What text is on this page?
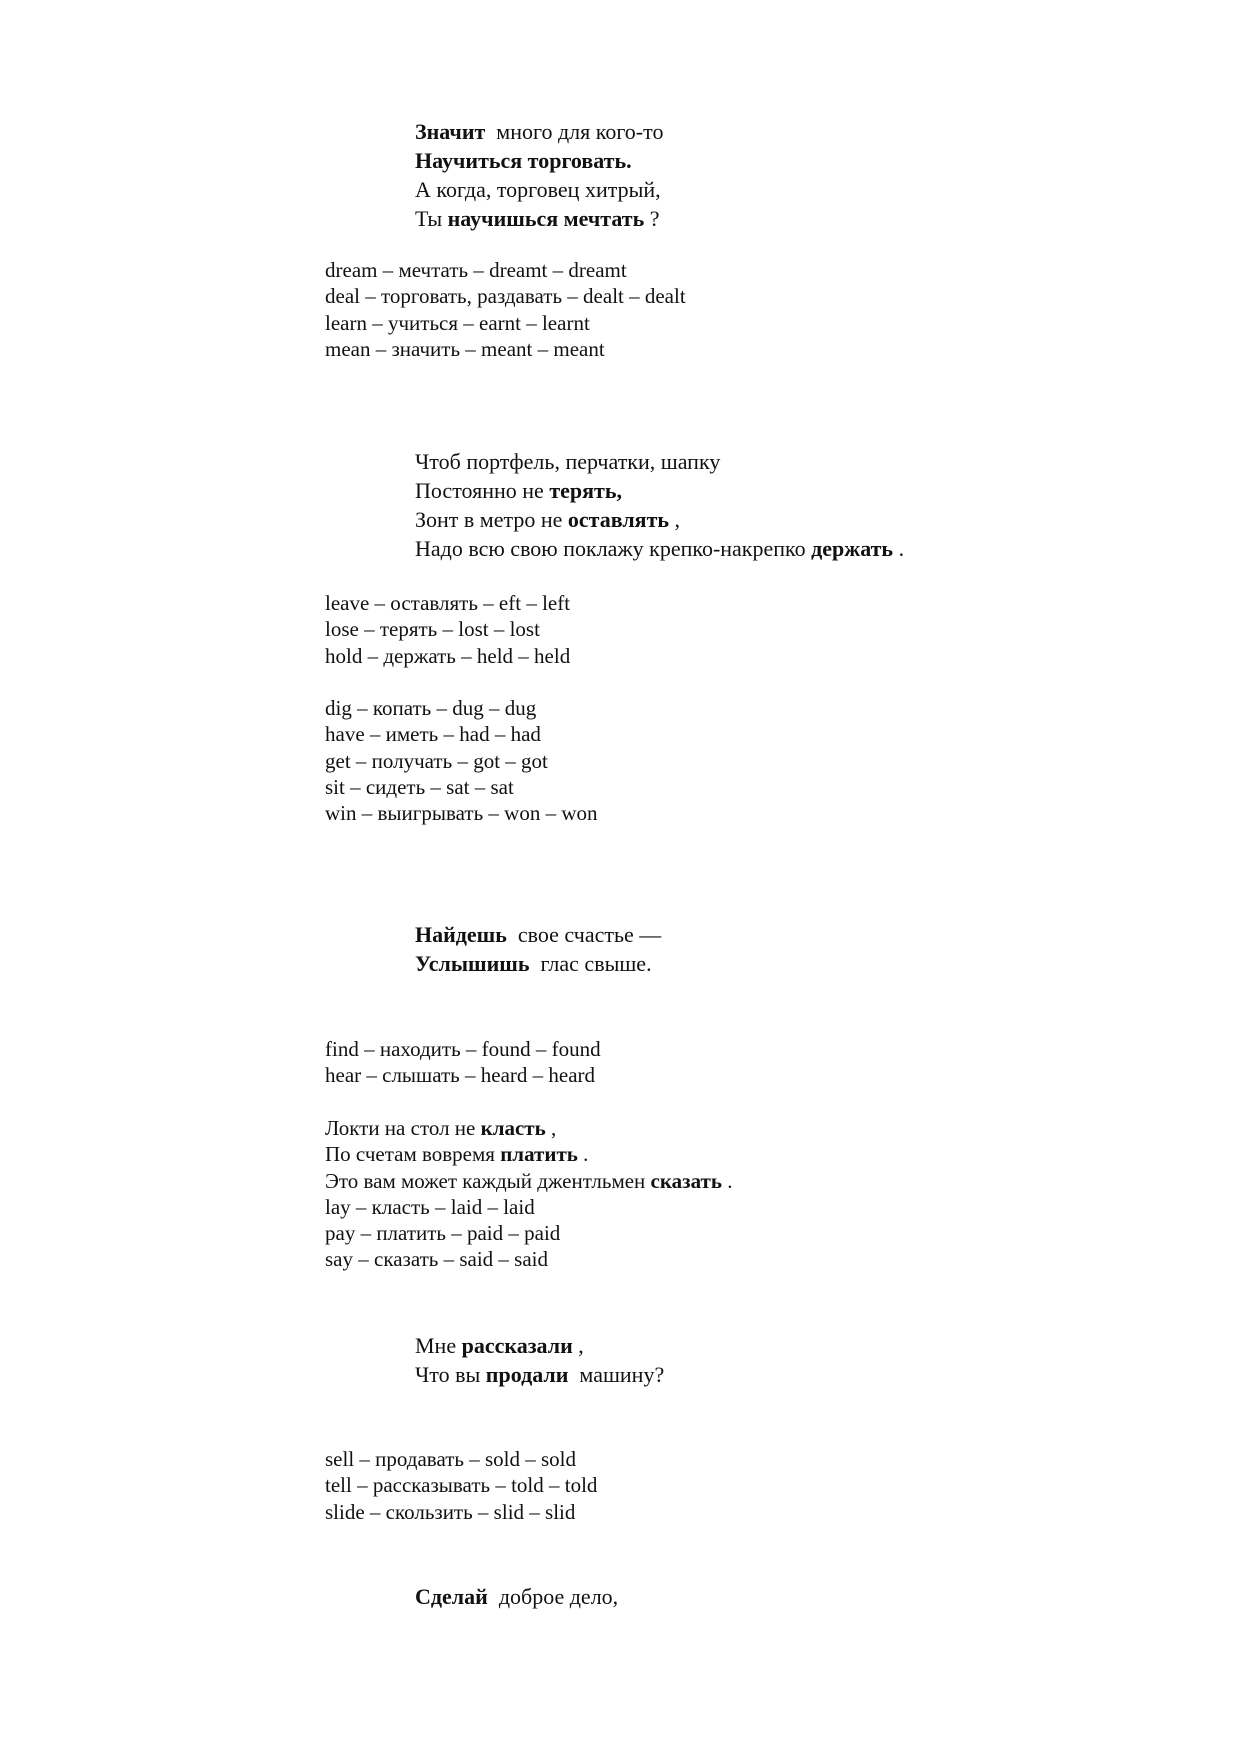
Значит  много для кого-то
Научиться торговать.
А когда, торговец хитрый,
Ты научишься мечтать ?
dream – мечтать – dreamt – dreamt
deal – торговать, раздавать – dealt – dealt
learn – учиться – earnt – learnt
mean – значить – meant – meant
Чтоб портфель, перчатки, шапку
Постоянно не терять,
Зонт в метро не оставлять ,
Надо всю свою поклажу крепко-накрепко держать .
leave – оставлять – eft – left
lose – терять – lost – lost
hold – держать – held – held
dig – копать – dug – dug
have – иметь – had – had
get – получать – got – got
sit – сидеть – sat – sat
win – выигрывать – won – won
Найдешь  свое счастье —
Услышишь  глас свыше.
find – находить – found – found
hear – слышать – heard – heard
Локти на стол не класть ,
По счетам вовремя платить .
Это вам может каждый джентльмен сказать .
lay – класть – laid – laid
pay – платить – paid – paid
say – сказать – said – said
Мне рассказали ,
Что вы продали  машину?
sell – продавать – sold – sold
tell – рассказывать – told – told
slide – скользить – slid – slid
Сделай  доброе дело,
